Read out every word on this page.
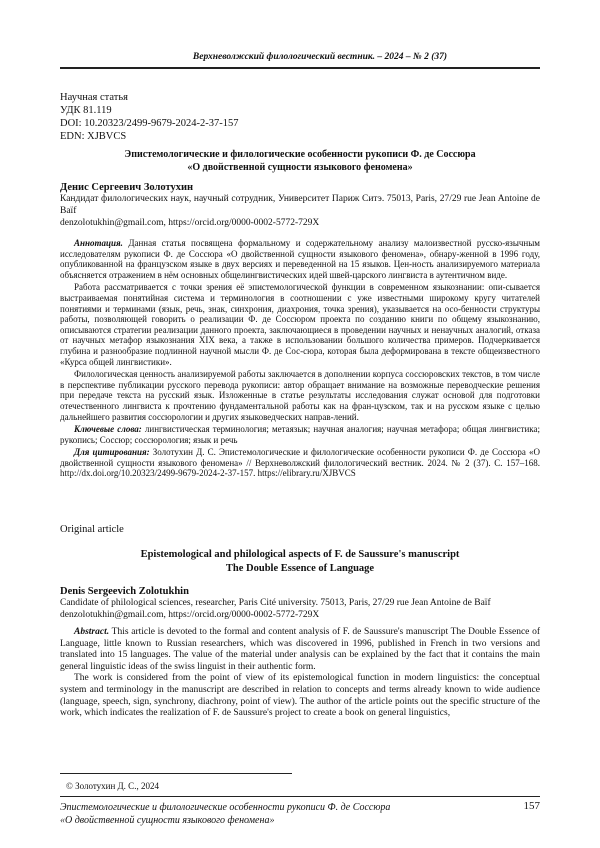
Верхневолжский филологический вестник. – 2024 – № 2 (37)
Научная статья
УДК 81.119
DOI: 10.20323/2499-9679-2024-2-37-157
EDN: XJBVCS
Эпистемологические и филологические особенности рукописи Ф. де Соссюра
«О двойственной сущности языкового феномена»
Денис Сергеевич Золотухин
Кандидат филологических наук, научный сотрудник, Университет Париж Ситэ. 75013, Paris, 27/29 rue Jean Antoine de Baïf
denzolotukhin@gmail.com, https://orcid.org/0000-0002-5772-729X

Аннотация. Данная статья посвящена формальному и содержательному анализу малоизвестной русско-язычным исследователям рукописи Ф. де Соссюра «О двойственной сущности языкового феномена», обнару-женной в 1996 году, опубликованной на французском языке в двух версиях и переведенной на 15 языков. Цен-ность анализируемого материала объясняется отражением в нём основных общелингвистических идей швей-царского лингвиста в аутентичном виде.

Работа рассматривается с точки зрения её эпистемологической функции в современном языкознании: опи-сывается выстраиваемая понятийная система и терминология в соотношении с уже известными широкому кругу читателей понятиями и терминами (язык, речь, знак, синхрония, диахрония, точка зрения), указывается на осо-бенности структуры работы, позволяющей говорить о реализации Ф. де Соссюром проекта по созданию книги по общему языкознанию, описываются стратегии реализации данного проекта, заключающиеся в проведении научных и ненаучных аналогий, отказа от научных метафор языкознания XIX века, а также в использовании большого количества примеров. Подчеркивается глубина и разнообразие подлинной научной мысли Ф. де Сос-сюра, которая была деформирована в тексте общеизвестного «Курса общей лингвистики».

Филологическая ценность анализируемой работы заключается в дополнении корпуса соссюровских текстов, в том числе в перспективе публикации русского перевода рукописи: автор обращает внимание на возможные переводческие решения при передаче текста на русский язык. Изложенные в статье результаты исследования служат основой для подготовки отечественного лингвиста к прочтению фундаментальной работы как на фран-цузском, так и на русском языке с целью дальнейшего развития соссюрологии и других языковедческих направ-лений.

Ключевые слова: лингвистическая терминология; метаязык; научная аналогия; научная метафора; общая лингвистика; рукопись; Соссюр; соссюрология; язык и речь

Для цитирования: Золотухин Д. С. Эпистемологические и филологические особенности рукописи Ф. де Соссюра «О двойственной сущности языкового феномена» // Верхневолжский филологический вестник. 2024. № 2 (37). С. 157–168. http://dx.doi.org/10.20323/2499-9679-2024-2-37-157. https://elibrary.ru/XJBVCS

Original article
Epistemological and philological aspects of F. de Saussure's manuscript
The Double Essence of Language
Denis Sergeevich Zolotukhin
Candidate of philological sciences, researcher, Paris Cité university. 75013, Paris, 27/29 rue Jean Antoine de Baïf
denzolotukhin@gmail.com, https://orcid.org/0000-0002-5772-729X

Abstract. This article is devoted to the formal and content analysis of F. de Saussure's manuscript The Double Essence of Language, little known to Russian researchers, which was discovered in 1996, published in French in two versions and translated into 15 languages. The value of the material under analysis can be explained by the fact that it contains the main general linguistic ideas of the swiss linguist in their authentic form.

The work is considered from the point of view of its epistemological function in modern linguistics: the conceptual system and terminology in the manuscript are described in relation to concepts and terms already known to wide audience (language, speech, sign, synchrony, diachrony, point of view). The author of the article points out the specific structure of the work, which indicates the realization of F. de Saussure's project to create a book on general linguistics,

© Золотухин Д. С., 2024
Эпистемологические и филологические особенности рукописи Ф. де Соссюра
«О двойственной сущности языкового феномена»
157
